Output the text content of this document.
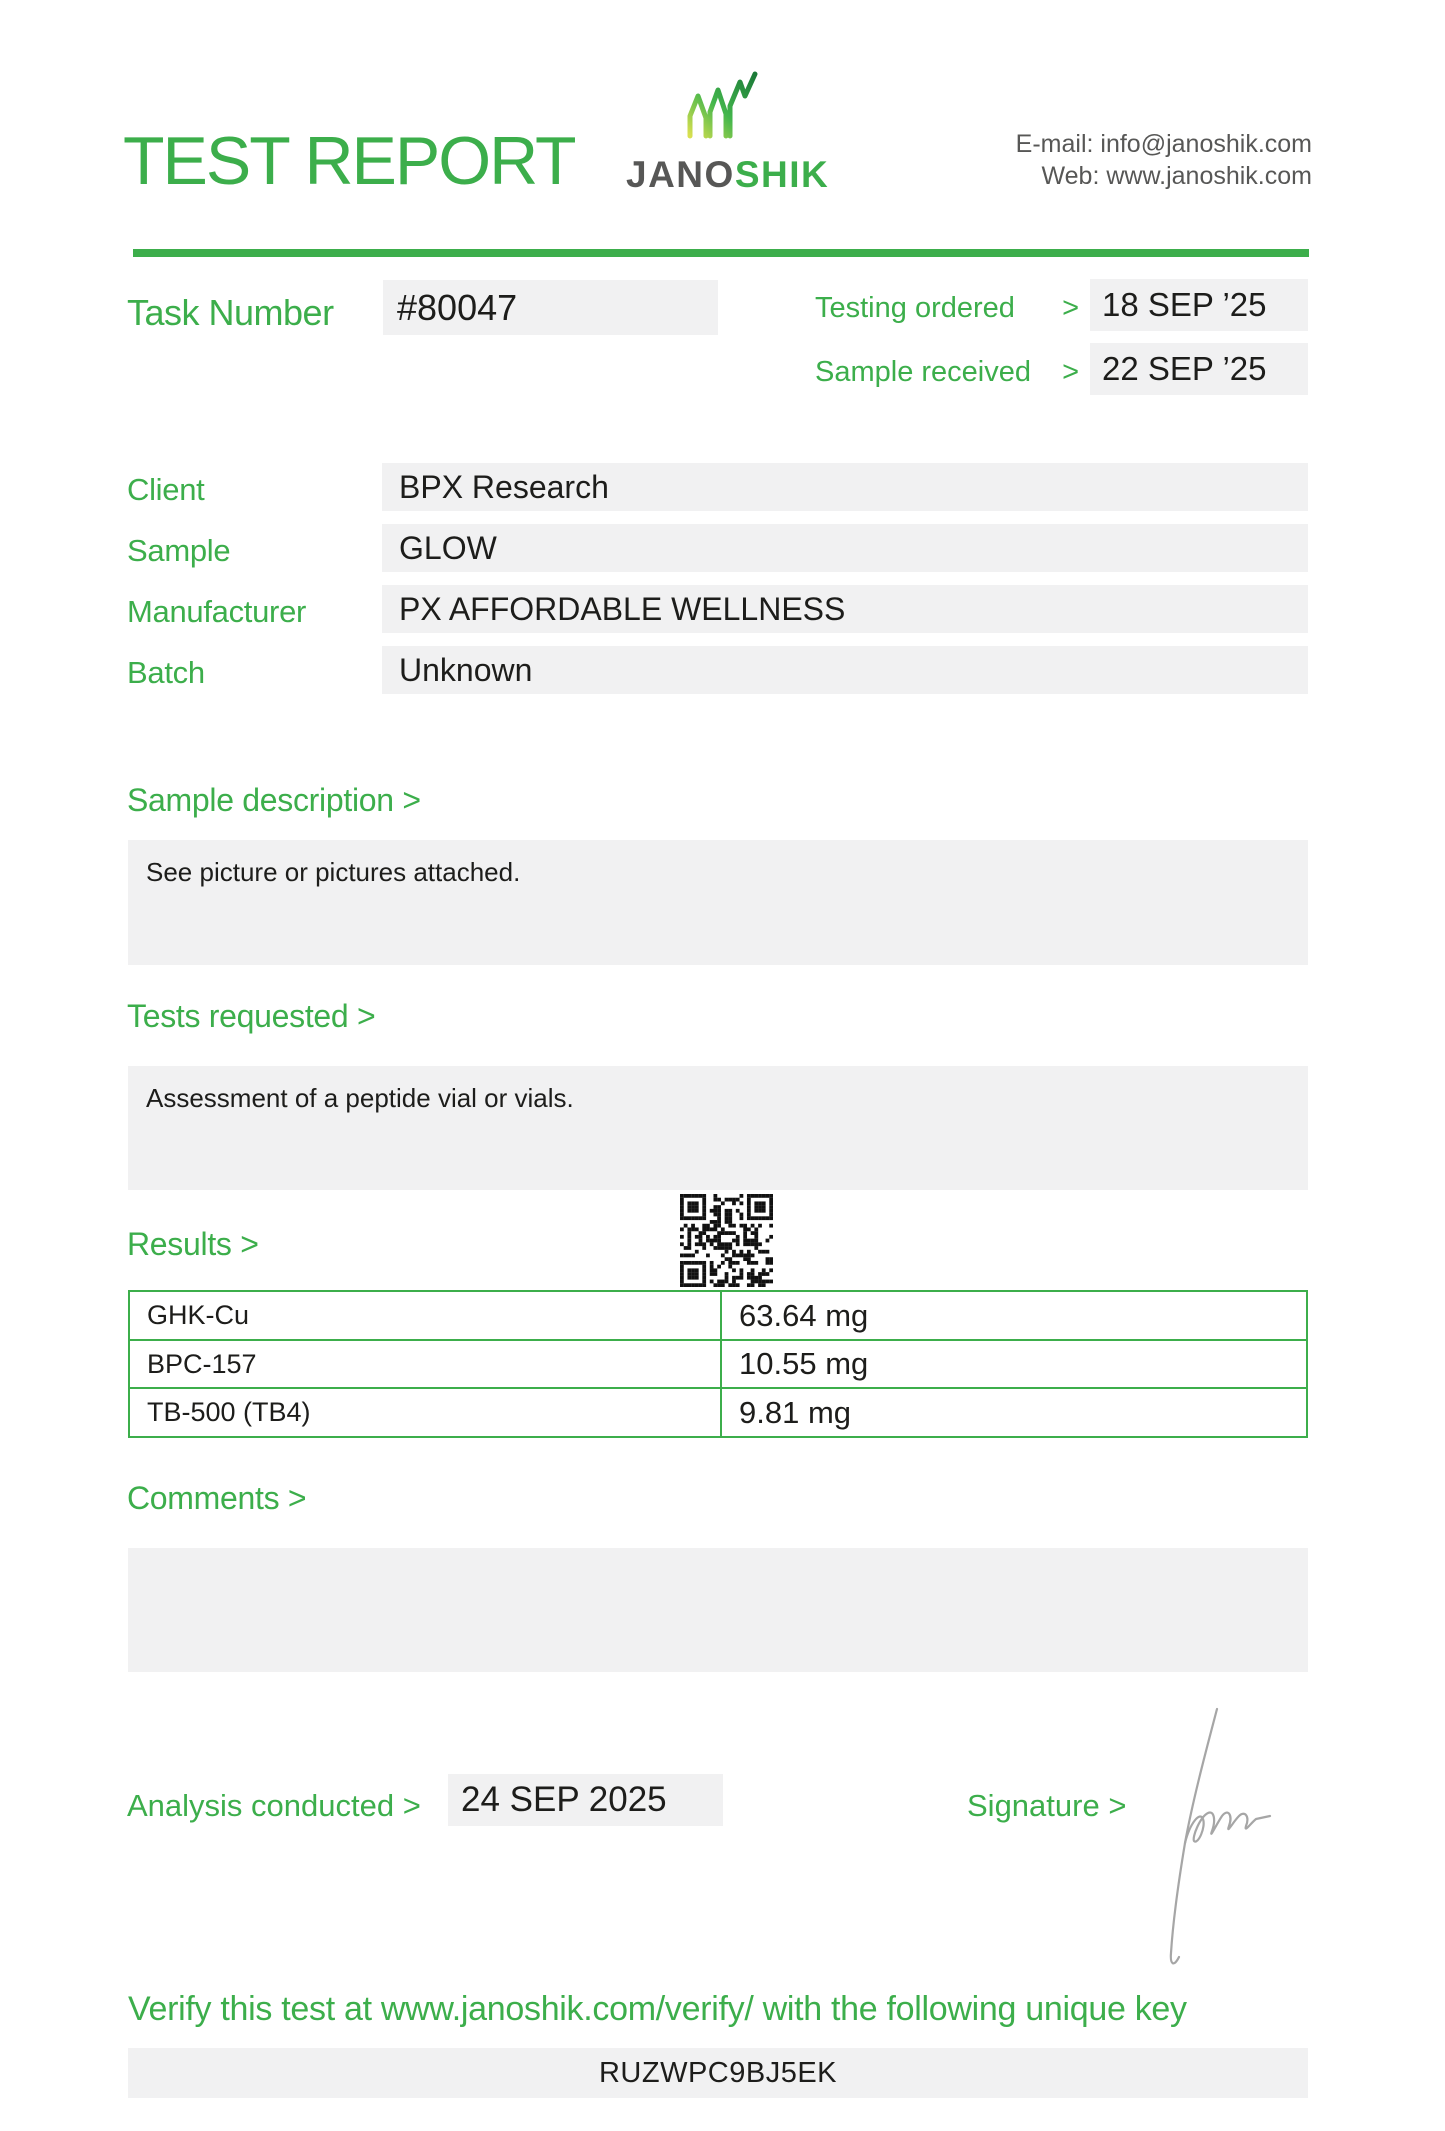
TEST REPORT JANOSHIK
E-mail: info@janoshik.com
Web: www.janoshik.com
Task Number	#80047	Testing ordered > 18 SEP ’25
Sample received > 22 SEP ’25
Client	BPX Research
Sample	GLOW
Manufacturer	PX AFFORDABLE WELLNESS
Batch	Unknown
Sample description >
See picture or pictures attached.
Tests requested >
Assessment of a peptide vial or vials.
Results >
GHK-Cu	63.64 mg
BPC-157	10.55 mg
TB-500 (TB4)	9.81 mg
Comments >
Analysis conducted >	24 SEP 2025	Signature >
Verify this test at www.janoshik.com/verify/ with the following unique key
RUZWPC9BJ5EK
